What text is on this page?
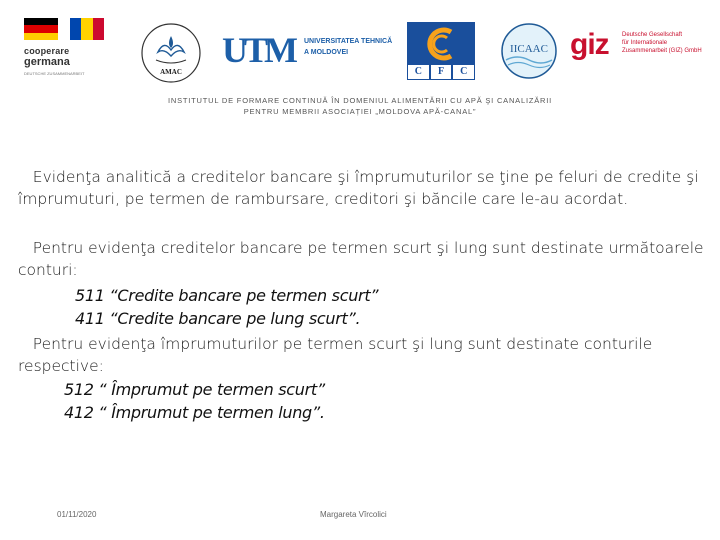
cooperare
germana
DEUTSCHE ZUSAMMENARBEIT	AMAC
UTM UNIVERSITATEA TEHNICĂ
A MOLDOVEI
C	F	C
IICAAC giz Deutsche Gesellschaft
für Internationale
Zusammenarbeit (GIZ) GmbH
INSTITUTUL DE FORMARE CONTINUĂ ÎN DOMENIUL ALIMENTĂRII CU APĂ ŞI CANALIZĂRII
PENTRU MEMBRII ASOCIAȚIEI „MOLDOVA APĂ-CANAL”

Evidenţa analitică a creditelor bancare şi împrumuturilor se ţine pe feluri de credite şi împrumuturi, pe termen de rambursare, creditori şi băncile care le-au acordat.

Pentru evidenţa creditelor bancare pe termen scurt şi lung sunt destinate următoarele conturi:

511 “Credite bancare pe termen scurt”
411 “Credite bancare pe lung scurt”.

Pentru evidenţa împrumuturilor pe termen scurt şi lung sunt destinate conturile respective:

512 “ Împrumut pe termen scurt”
412 “ Împrumut pe termen lung”.
01/11/2020	Margareta Vîrcolici
